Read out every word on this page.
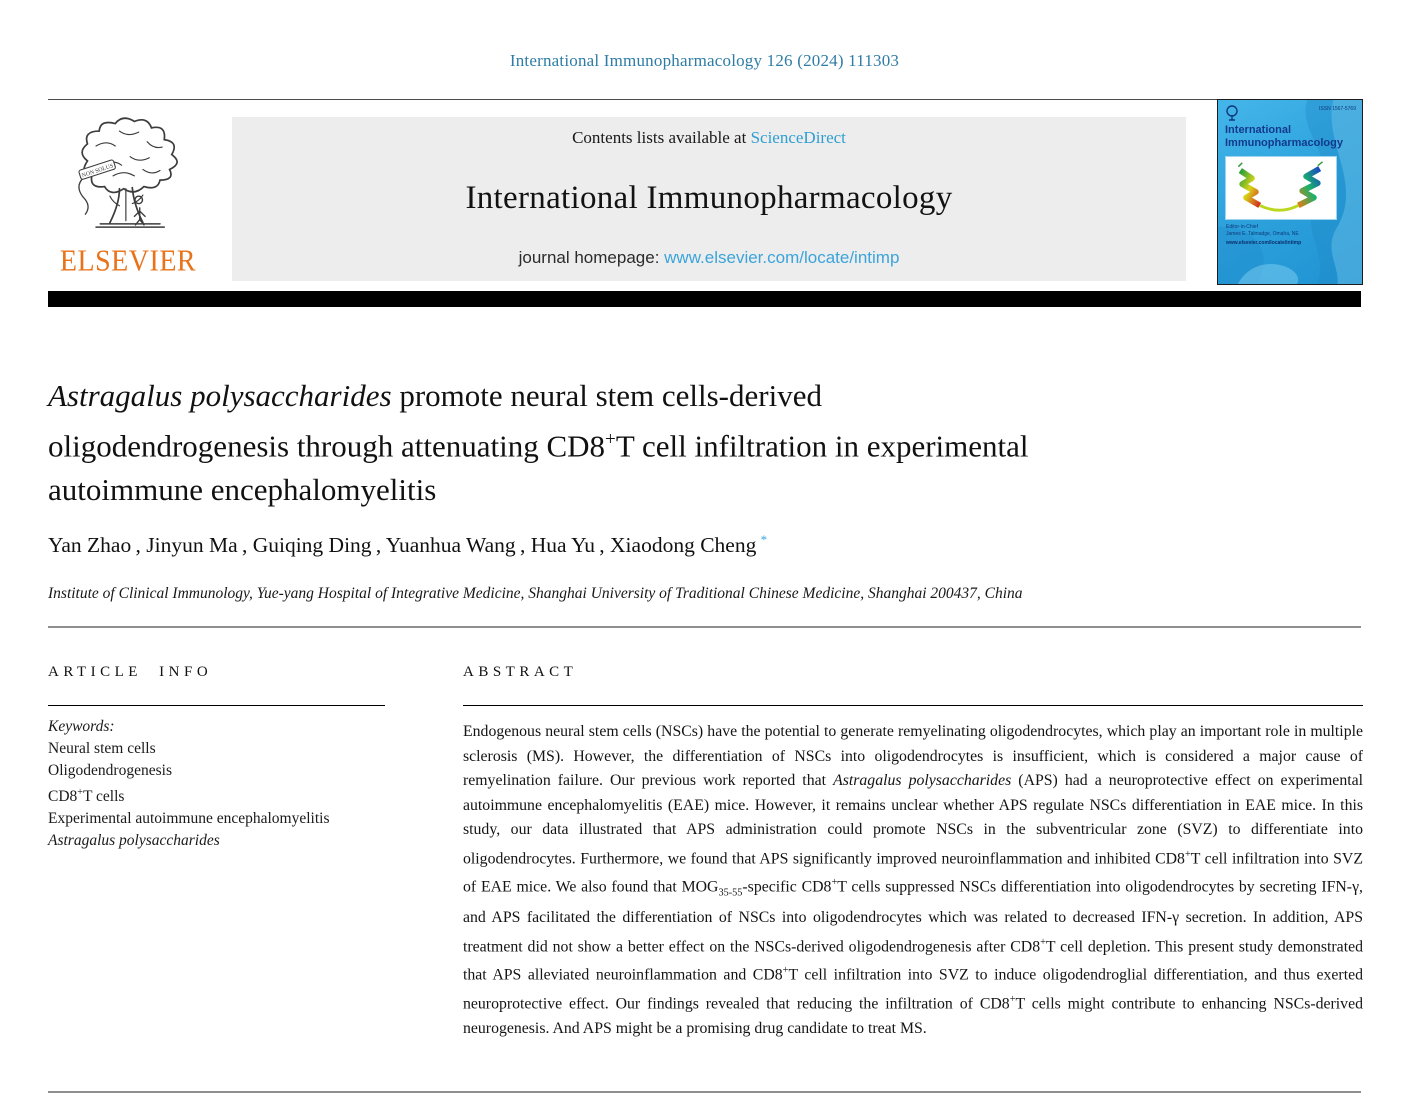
International Immunopharmacology 126 (2024) 111303
NON SOLUS
ELSEVIER
Contents lists available at ScienceDirect
International Immunopharmacology
journal homepage: www.elsevier.com/locate/intimp
ISSN 1567-5769
International Immunopharmacology
Editor-in-Chief
James E. Talmadge, Omaha, NE
www.elsevier.com/locate/intimp
Astragalus polysaccharides promote neural stem cells-derived oligodendrogenesis through attenuating CD8+T cell infiltration in experimental autoimmune encephalomyelitis
Yan Zhao , Jinyun Ma , Guiqing Ding , Yuanhua Wang , Hua Yu , Xiaodong Cheng *
Institute of Clinical Immunology, Yue-yang Hospital of Integrative Medicine, Shanghai University of Traditional Chinese Medicine, Shanghai 200437, China
ARTICLE INFO
Keywords:
Neural stem cells
Oligodendrogenesis
CD8+T cells
Experimental autoimmune encephalomyelitis
Astragalus polysaccharides
ABSTRACT
Endogenous neural stem cells (NSCs) have the potential to generate remyelinating oligodendrocytes, which play an important role in multiple sclerosis (MS). However, the differentiation of NSCs into oligodendrocytes is insufficient, which is considered a major cause of remyelination failure. Our previous work reported that Astragalus polysaccharides (APS) had a neuroprotective effect on experimental autoimmune encephalomyelitis (EAE) mice. However, it remains unclear whether APS regulate NSCs differentiation in EAE mice. In this study, our data illustrated that APS administration could promote NSCs in the subventricular zone (SVZ) to differentiate into oligodendrocytes. Furthermore, we found that APS significantly improved neuroinflammation and inhibited CD8+T cell infiltration into SVZ of EAE mice. We also found that $MOG_{35-55}$-specific CD8+T cells suppressed NSCs differentiation into oligodendrocytes by secreting IFN-γ, and APS facilitated the differentiation of NSCs into oligodendrocytes which was related to decreased IFN-γ secretion. In addition, APS treatment did not show a better effect on the NSCs-derived oligodendrogenesis after CD8+T cell depletion. This present study demonstrated that APS alleviated neuroinflammation and CD8+T cell infiltration into SVZ to induce oligodendroglial differentiation, and thus exerted neuroprotective effect. Our findings revealed that reducing the infiltration of CD8+T cells might contribute to enhancing NSCs-derived neurogenesis. And APS might be a promising drug candidate to treat MS.
